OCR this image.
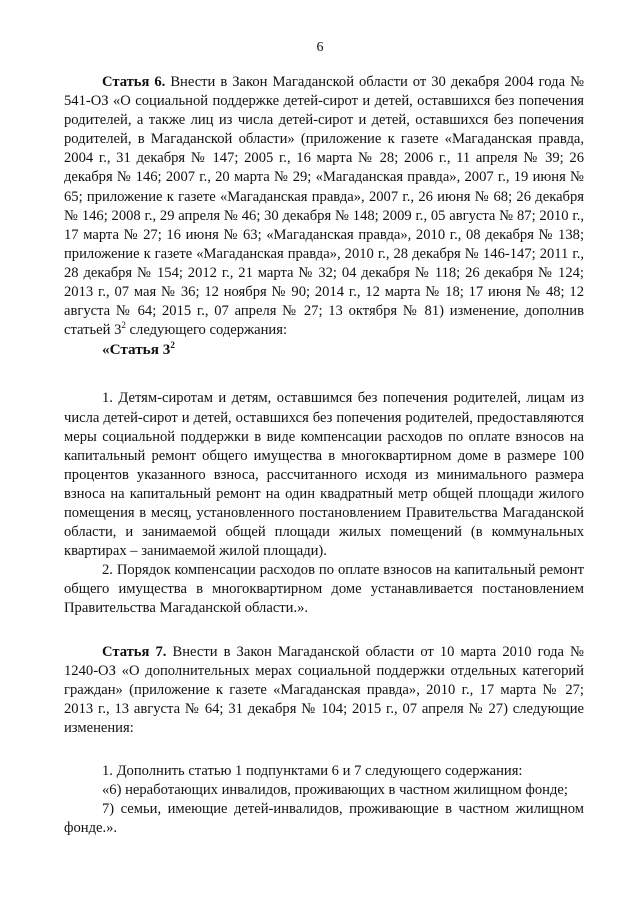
6

Статья 6. Внести в Закон Магаданской области от 30 декабря 2004 года № 541-ОЗ «О социальной поддержке детей-сирот и детей, оставшихся без попечения родителей, а также лиц из числа детей-сирот и детей, оставшихся без попечения родителей, в Магаданской области» (приложение к газете «Магаданская правда, 2004 г., 31 декабря № 147; 2005 г., 16 марта № 28; 2006 г., 11 апреля № 39; 26 декабря № 146; 2007 г., 20 марта № 29; «Магаданская правда», 2007 г., 19 июня № 65; приложение к газете «Магаданская правда», 2007 г., 26 июня № 68; 26 декабря № 146; 2008 г., 29 апреля № 46; 30 декабря № 148; 2009 г., 05 августа № 87; 2010 г., 17 марта № 27; 16 июня № 63; «Магаданская правда», 2010 г., 08 декабря № 138; приложение к газете «Магаданская правда», 2010 г., 28 декабря № 146-147; 2011 г., 28 декабря № 154; 2012 г., 21 марта № 32; 04 декабря № 118; 26 декабря № 124; 2013 г., 07 мая № 36; 12 ноября № 90; 2014 г., 12 марта № 18; 17 июня № 48; 12 августа № 64; 2015 г., 07 апреля № 27; 13 октября № 81) изменение, дополнив статьей $3^2$ следующего содержания:

«Статья $3^2$

1. Детям-сиротам и детям, оставшимся без попечения родителей, лицам из числа детей-сирот и детей, оставшихся без попечения родителей, предоставляются меры социальной поддержки в виде компенсации расходов по оплате взносов на капитальный ремонт общего имущества в многоквартирном доме в размере 100 процентов указанного взноса, рассчитанного исходя из минимального размера взноса на капитальный ремонт на один квадратный метр общей площади жилого помещения в месяц, установленного постановлением Правительства Магаданской области, и занимаемой общей площади жилых помещений (в коммунальных квартирах – занимаемой жилой площади).

2. Порядок компенсации расходов по оплате взносов на капитальный ремонт общего имущества в многоквартирном доме устанавливается постановлением Правительства Магаданской области.».

Статья 7. Внести в Закон Магаданской области от 10 марта 2010 года № 1240-ОЗ «О дополнительных мерах социальной поддержки отдельных категорий граждан» (приложение к газете «Магаданская правда», 2010 г., 17 марта № 27; 2013 г., 13 августа № 64; 31 декабря № 104; 2015 г., 07 апреля № 27) следующие изменения:

1. Дополнить статью 1 подпунктами 6 и 7 следующего содержания:

«6) неработающих инвалидов, проживающих в частном жилищном фонде;

7) семьи, имеющие детей-инвалидов, проживающие в частном жилищном фонде.».
